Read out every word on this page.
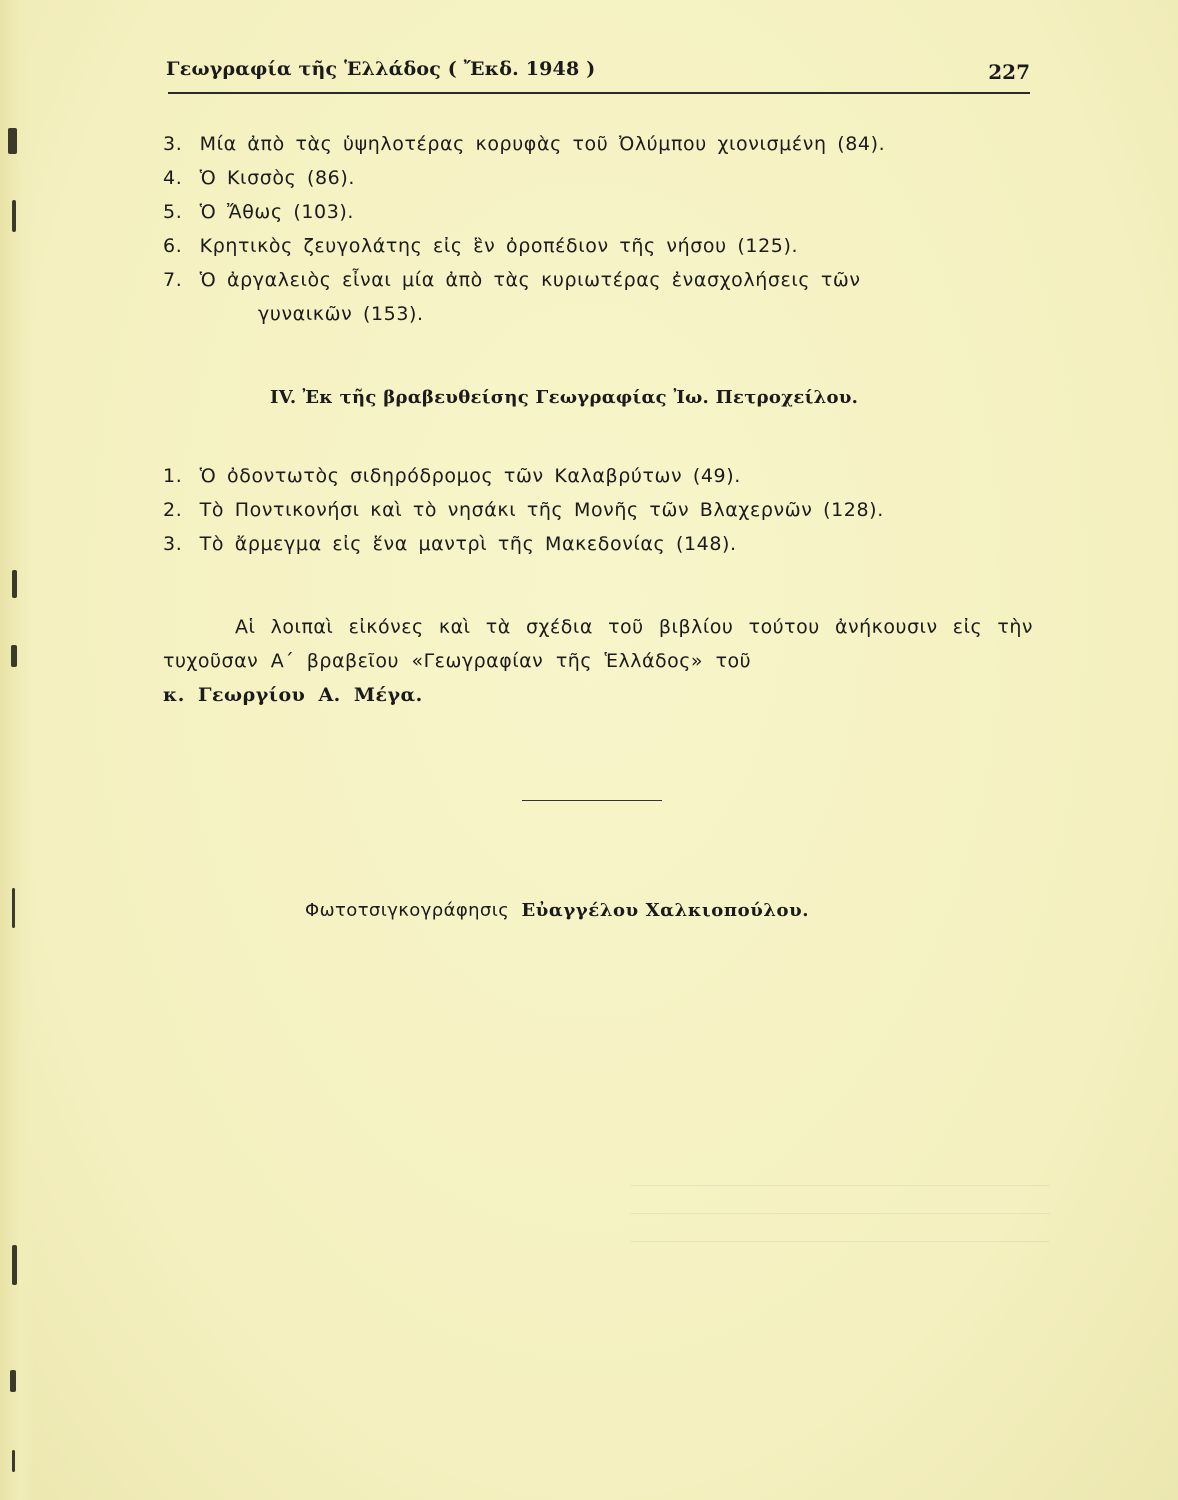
Γεωγραφία τῆς Ἑλλάδος ( Ἔκδ. 1948 )	227
3. Μία ἀπὸ τὰς ὑψηλοτέρας κορυφὰς τοῦ Ὀλύμπου χιονισμένη (84).
4. Ὁ Κισσὸς (86).
5. Ὁ Ἄθως (103).
6. Κρητικὸς ζευγολάτης εἰς ἓν ὀροπέδιον τῆς νήσου (125).
7. Ὁ ἀργαλειὸς εἶναι μία ἀπὸ τὰς κυριωτέρας ἐνασχολήσεις τῶν
γυναικῶν (153).
IV. Ἐκ τῆς βραβευθείσης Γεωγραφίας Ἰω. Πετροχείλου.
1. Ὁ ὀδοντωτὸς σιδηρόδρομος τῶν Καλαβρύτων (49).
2. Τὸ Ποντικονήσι καὶ τὸ νησάκι τῆς Μονῆς τῶν Βλαχερνῶν (128).
3. Τὸ ἄρμεγμα εἰς ἕνα μαντρὶ τῆς Μακεδονίας (148).
Αἱ λοιπαὶ εἰκόνες καὶ τὰ σχέδια τοῦ βιβλίου τούτου ἀνήκουσιν εἰς τὴν τυχοῦσαν Α΄ βραβεῖου «Γεωγραφίαν τῆς Ἑλλάδος» τοῦ
κ. Γεωργίου Α. Μέγα.
Φωτοτσιγκογράφησις Εὐαγγέλου Χαλκιοπούλου.
